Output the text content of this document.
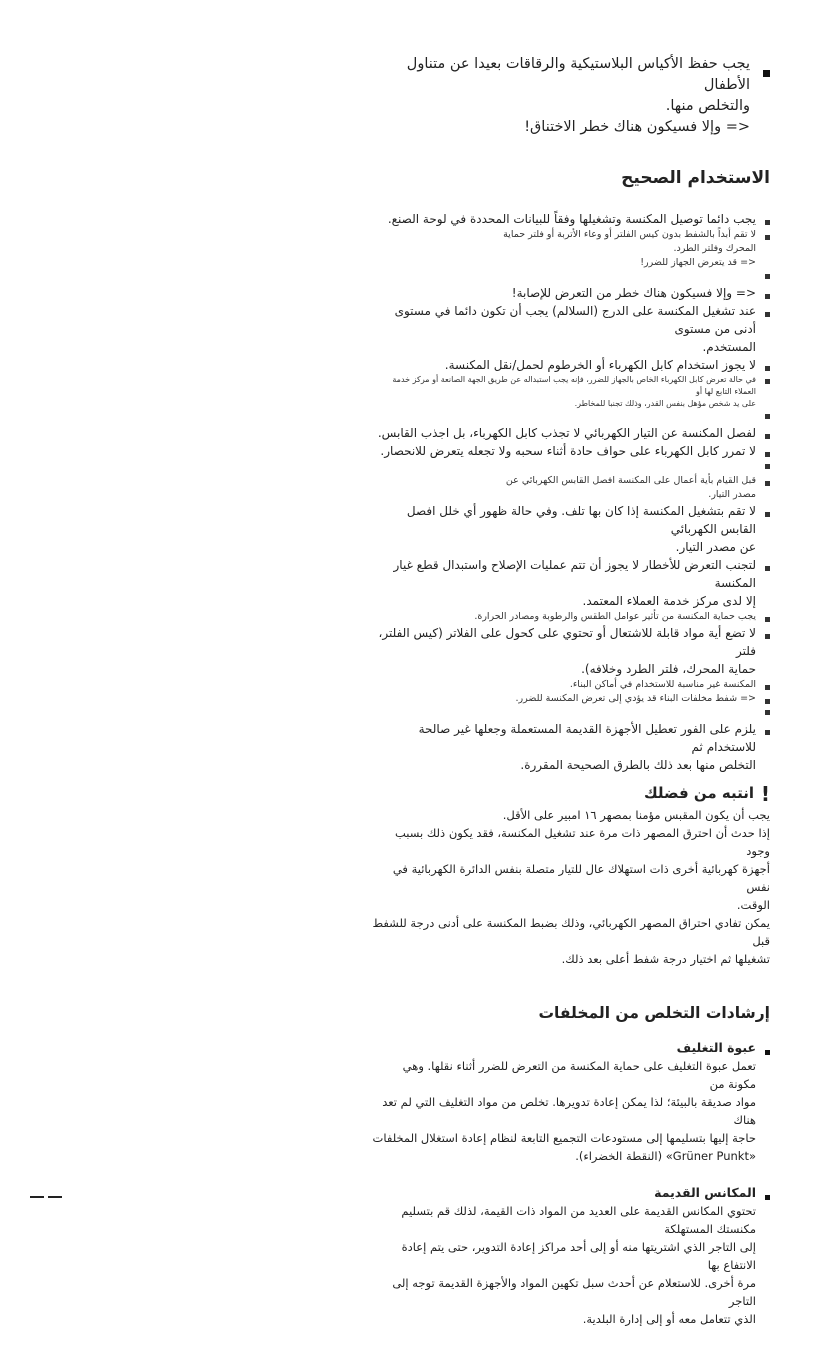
يجب حفظ الأكياس البلاستيكية والرقاقات بعيدا عن متناول الأطفال
والتخلص منها.
<= وإلا فسيكون هناك خطر الاختناق!
الاستخدام الصحيح
يجب دائما توصيل المكنسة وتشغيلها وفقاً للبيانات المحددة في لوحة الصنع.
لا تقم أبداً بالشفط بدون كيس الفلتر أو وعاء الأتربة أو فلتر حماية
المحرك وفلتر الطرد.
<= قد يتعرض الجهاز للضرر!
<= وإلا فسيكون هناك خطر من التعرض للإصابة!
عند تشغيل المكنسة على الدرج (السلالم) يجب أن تكون دائما في مستوى أدنى من مستوى
المستخدم.
لا يجوز استخدام كابل الكهرباء أو الخرطوم لحمل/نقل المكنسة.
في حالة تعرض كابل الكهرباء الخاص بالجهاز للضرر، فإنه يجب استبداله عن طريق الجهة الصانعة أو مركز خدمة العملاء التابع لها أو
على يد شخص مؤهل بنفس القدر، وذلك تجنبا للمخاطر.
لفصل المكنسة عن التيار الكهربائي لا تجذب كابل الكهرباء، بل اجذب القابس.
لا تمرر كابل الكهرباء على حواف حادة أثناء سحبه ولا تجعله يتعرض للانحصار.
قبل القيام بأية أعمال على المكنسة افصل القابس الكهربائي عن
مصدر التيار.
لا تقم بتشغيل المكنسة إذا كان بها تلف. وفي حالة ظهور أي خلل افصل القابس الكهربائي
عن مصدر التيار.
لتجنب التعرض للأخطار لا يجوز أن تتم عمليات الإصلاح واستبدال قطع غيار المكنسة
إلا لدى مركز خدمة العملاء المعتمد.
يجب حماية المكنسة من تأثير عوامل الطقس والرطوبة ومصادر الحرارة.
لا تضع أية مواد قابلة للاشتعال أو تحتوي على كحول على الفلاتر (كيس الفلتر، فلتر
حماية المحرك، فلتر الطرد وخلافه).
المكنسة غير مناسبة للاستخدام في أماكن البناء.
<= شفط مخلفات البناء قد يؤدي إلى تعرض المكنسة للضرر.
يلزم على الفور تعطيل الأجهزة القديمة المستعملة وجعلها غير صالحة للاستخدام ثم
التخلص منها بعد ذلك بالطرق الصحيحة المقررة.
!
انتبه من فضلك

يجب أن يكون المقبس مؤمنا بمصهر ١٦ امبير على الأقل.
إذا حدث أن احترق المصهر ذات مرة عند تشغيل المكنسة، فقد يكون ذلك بسبب وجود
أجهزة كهربائية أخرى ذات استهلاك عال للتيار متصلة بنفس الدائرة الكهربائية في نفس
الوقت.
يمكن تفادي احتراق المصهر الكهربائي، وذلك بضبط المكنسة على أدنى درجة للشفط قبل
تشغيلها ثم اختيار درجة شفط أعلى بعد ذلك.

إرشادات التخلص من المخلفات
عبوة التغليف

تعمل عبوة التغليف على حماية المكنسة من التعرض للضرر أثناء نقلها. وهي مكونة من
مواد صديقة بالبيئة؛ لذا يمكن إعادة تدويرها. تخلص من مواد التغليف التي لم تعد هناك
حاجة إليها بتسليمها إلى مستودعات التجميع التابعة لنظام إعادة استغلال المخلفات
«Grüner Punkt» (النقطة الخضراء).

المكانس القديمة

تحتوي المكانس القديمة على العديد من المواد ذات القيمة، لذلك قم بتسليم مكنستك المستهلكة
إلى التاجر الذي اشتريتها منه أو إلى أحد مراكز إعادة التدوير، حتى يتم إعادة الانتفاع بها
مرة أخرى. للاستعلام عن أحدث سبل تكهين المواد والأجهزة القديمة توجه إلى التاجر
الذي تتعامل معه أو إلى إدارة البلدية.
